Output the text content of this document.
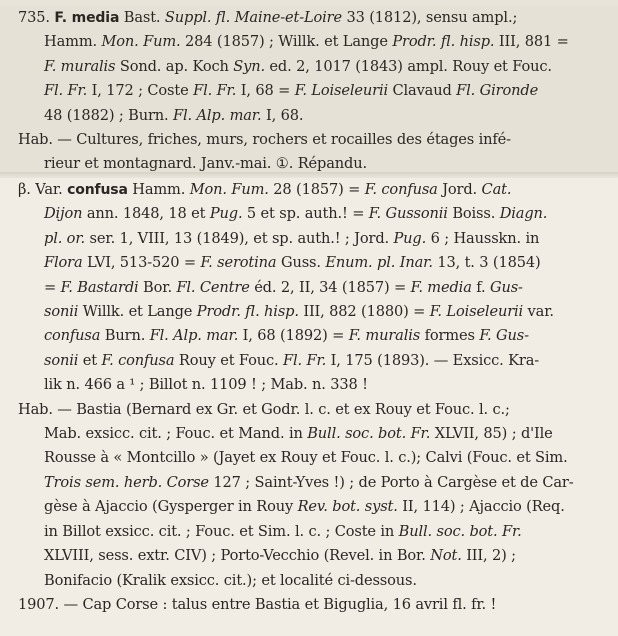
735. F. media Bast. Suppl. fl. Maine-et-Loire 33 (1812), sensu ampl.;
Hamm. Mon. Fum. 284 (1857) ; Willk. et Lange Prodr. fl. hisp. III, 881 =
F. muralis Sond. ap. Koch Syn. ed. 2, 1017 (1843) ampl. Rouy et Fouc.
Fl. Fr. I, 172 ; Coste Fl. Fr. I, 68 = F. Loiseleurii Clavaud Fl. Gironde
48 (1882) ; Burn. Fl. Alp. mar. I, 68.
Hab. — Cultures, friches, murs, rochers et rocailles des étages infé-
rieur et montagnard. Janv.-mai. ①. Répandu.
β. Var. confusa Hamm. Mon. Fum. 28 (1857) = F. confusa Jord. Cat.
Dijon ann. 1848, 18 et Pug. 5 et sp. auth.! = F. Gussonii Boiss. Diagn.
pl. or. ser. 1, VIII, 13 (1849), et sp. auth.! ; Jord. Pug. 6 ; Hausskn. in
Flora LVI, 513-520 = F. serotina Guss. Enum. pl. Inar. 13, t. 3 (1854)
= F. Bastardi Bor. Fl. Centre éd. 2, II, 34 (1857) = F. media f. Gus-
sonii Willk. et Lange Prodr. fl. hisp. III, 882 (1880) = F. Loiseleurii var.
confusa Burn. Fl. Alp. mar. I, 68 (1892) = F. muralis formes F. Gus-
sonii et F. confusa Rouy et Fouc. Fl. Fr. I, 175 (1893). — Exsicc. Kra-
lik n. 466 a ¹ ; Billot n. 1109 ! ; Mab. n. 338 !
Hab. — Bastia (Bernard ex Gr. et Godr. l. c. et ex Rouy et Fouc. l. c.;
Mab. exsicc. cit. ; Fouc. et Mand. in Bull. soc. bot. Fr. XLVII, 85) ; d'Ile
Rousse à « Montcillo » (Jayet ex Rouy et Fouc. l. c.); Calvi (Fouc. et Sim.
Trois sem. herb. Corse 127 ; Saint-Yves !) ; de Porto à Cargèse et de Car-
gèse à Ajaccio (Gysperger in Rouy Rev. bot. syst. II, 114) ; Ajaccio (Req.
in Billot exsicc. cit. ; Fouc. et Sim. l. c. ; Coste in Bull. soc. bot. Fr.
XLVIII, sess. extr. CIV) ; Porto-Vecchio (Revel. in Bor. Not. III, 2) ;
Bonifacio (Kralik exsicc. cit.); et localité ci-dessous.
1907. — Cap Corse : talus entre Bastia et Biguglia, 16 avril fl. fr. !
